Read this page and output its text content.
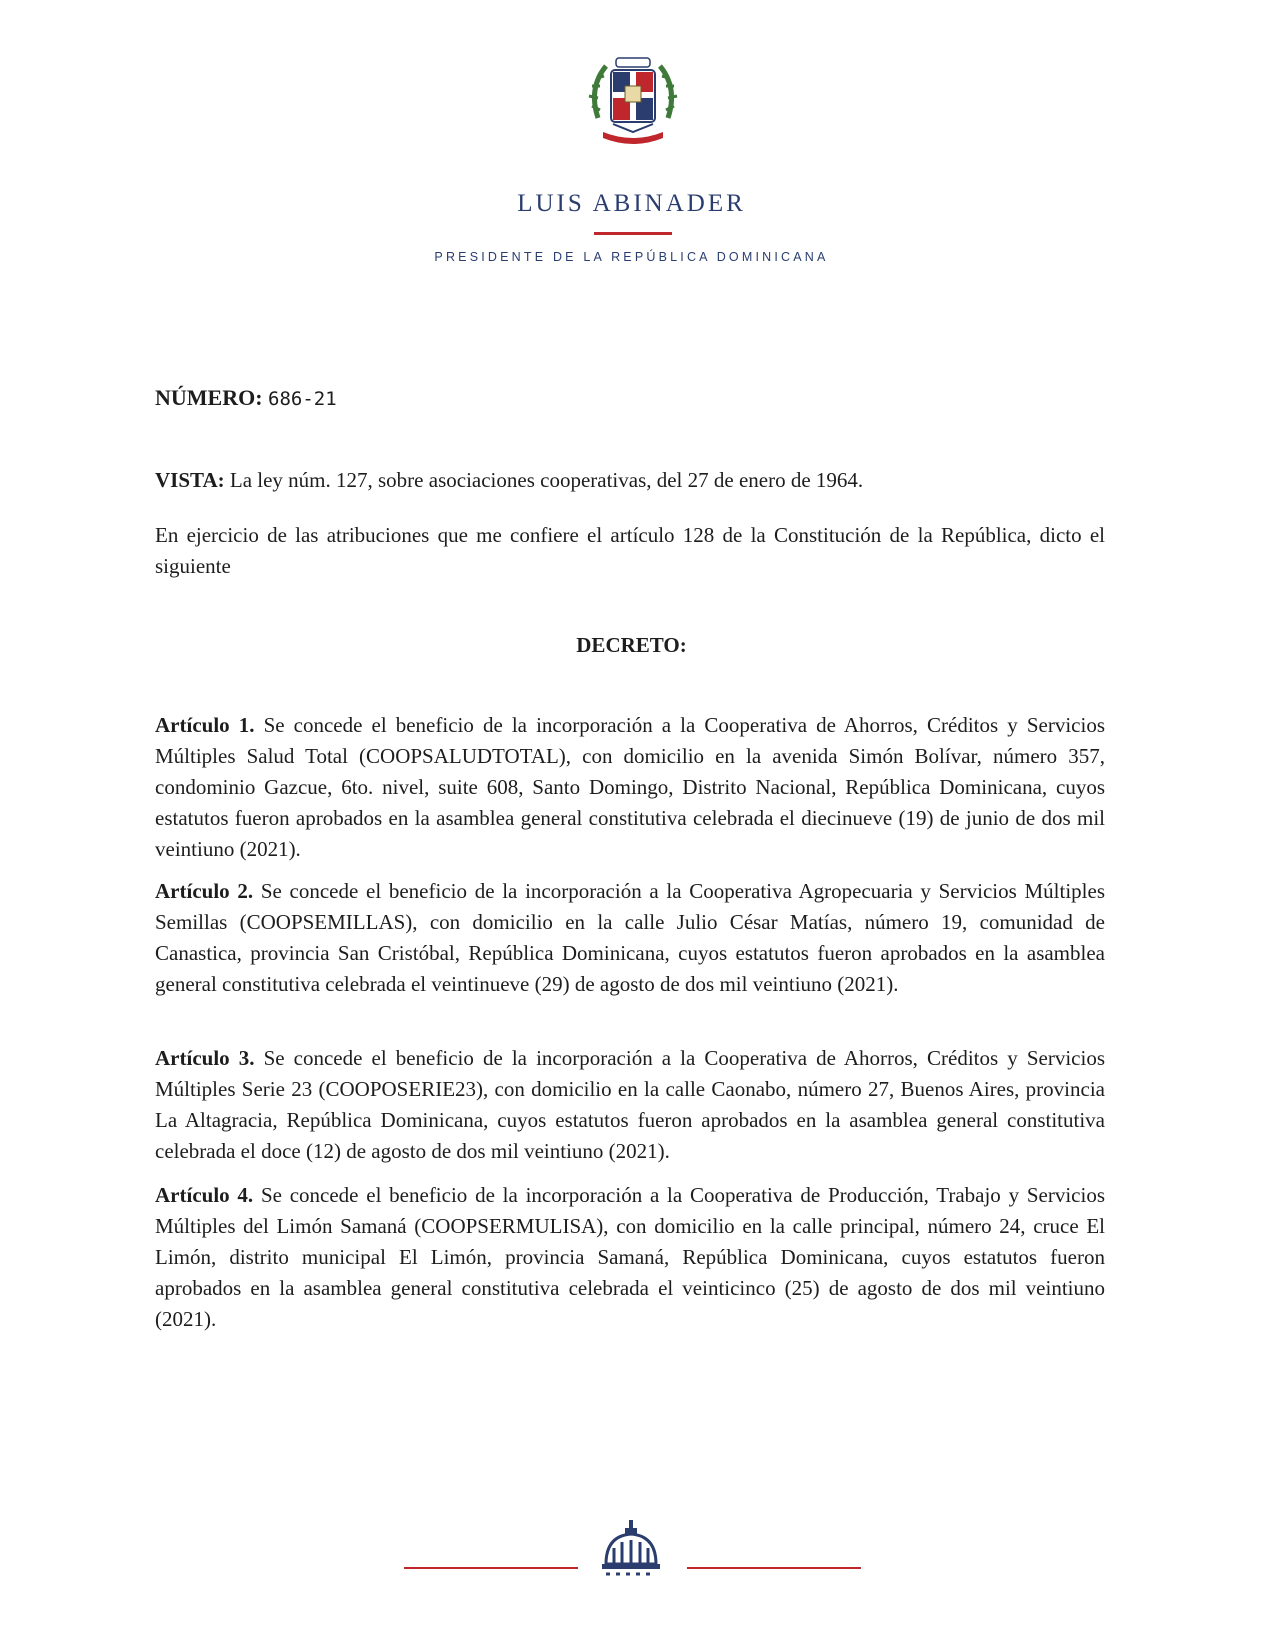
LUIS ABINADER
PRESIDENTE DE LA REPÚBLICA DOMINICANA
NÚMERO: 686-21
VISTA: La ley núm. 127, sobre asociaciones cooperativas, del 27 de enero de 1964.
En ejercicio de las atribuciones que me confiere el artículo 128 de la Constitución de la República, dicto el siguiente
DECRETO:
Artículo 1. Se concede el beneficio de la incorporación a la Cooperativa de Ahorros, Créditos y Servicios Múltiples Salud Total (COOPSALUDTOTAL), con domicilio en la avenida Simón Bolívar, número 357, condominio Gazcue, 6to. nivel, suite 608, Santo Domingo, Distrito Nacional, República Dominicana, cuyos estatutos fueron aprobados en la asamblea general constitutiva celebrada el diecinueve (19) de junio de dos mil veintiuno (2021).
Artículo 2. Se concede el beneficio de la incorporación a la Cooperativa Agropecuaria y Servicios Múltiples Semillas (COOPSEMILLAS), con domicilio en la calle Julio César Matías, número 19, comunidad de Canastica, provincia San Cristóbal, República Dominicana, cuyos estatutos fueron aprobados en la asamblea general constitutiva celebrada el veintinueve (29) de agosto de dos mil veintiuno (2021).
Artículo 3. Se concede el beneficio de la incorporación a la Cooperativa de Ahorros, Créditos y Servicios Múltiples Serie 23 (COOPOSERIE23), con domicilio en la calle Caonabo, número 27, Buenos Aires, provincia La Altagracia, República Dominicana, cuyos estatutos fueron aprobados en la asamblea general constitutiva celebrada el doce (12) de agosto de dos mil veintiuno (2021).
Artículo 4. Se concede el beneficio de la incorporación a la Cooperativa de Producción, Trabajo y Servicios Múltiples del Limón Samaná (COOPSERMULISA), con domicilio en la calle principal, número 24, cruce El Limón, distrito municipal El Limón, provincia Samaná, República Dominicana, cuyos estatutos fueron aprobados en la asamblea general constitutiva celebrada el veinticinco (25) de agosto de dos mil veintiuno (2021).
